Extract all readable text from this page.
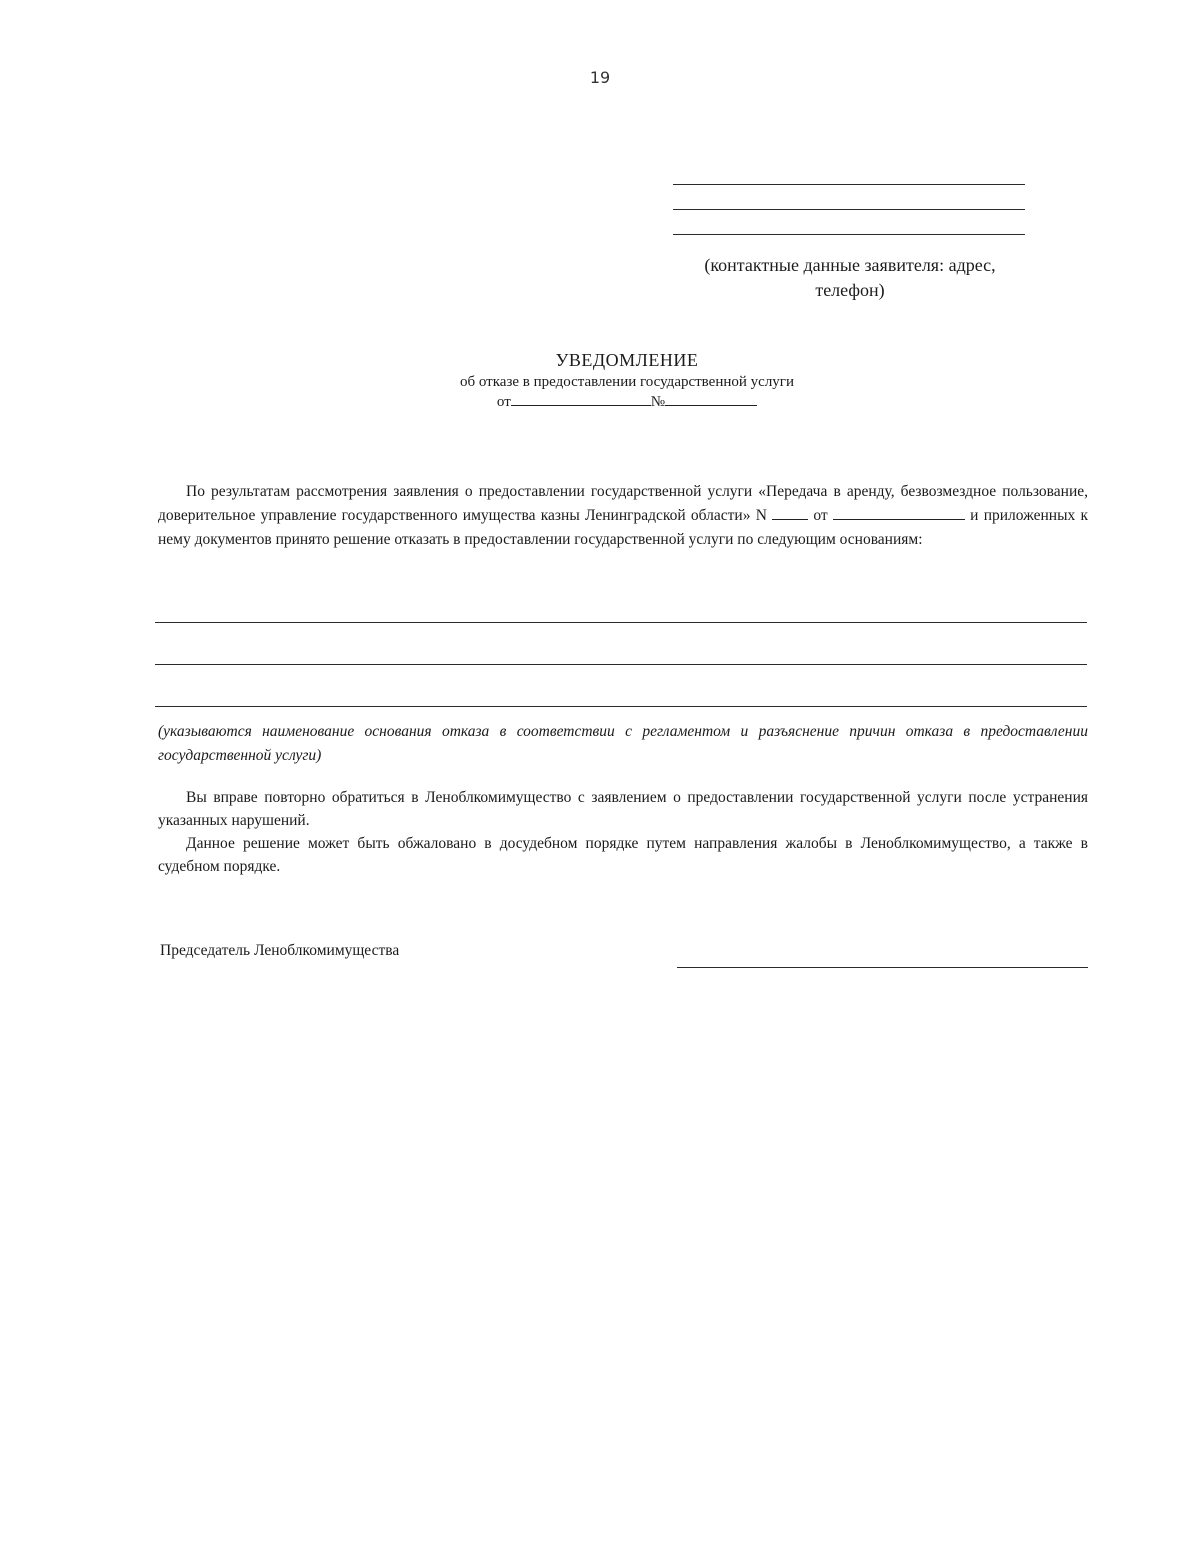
19
(контактные данные заявителя: адрес,
телефон)
УВЕДОМЛЕНИЕ
об отказе в предоставлении государственной услуги
от	№
По результатам рассмотрения заявления о предоставлении государственной услуги «Передача в аренду, безвозмездное пользование, доверительное управление государственного имущества казны Ленинградской области» N	от	и приложенных к нему документов принято решение отказать в предоставлении государственной услуги по следующим основаниям:
(указываются наименование основания отказа в соответствии с регламентом и разъяснение причин отказа в предоставлении государственной услуги)
Вы вправе повторно обратиться в Леноблкомимущество с заявлением о предоставлении государственной услуги после устранения указанных нарушений.
Данное решение может быть обжаловано в досудебном порядке путем направления жалобы в Леноблкомимущество, а также в судебном порядке.
Председатель Леноблкомимущества
